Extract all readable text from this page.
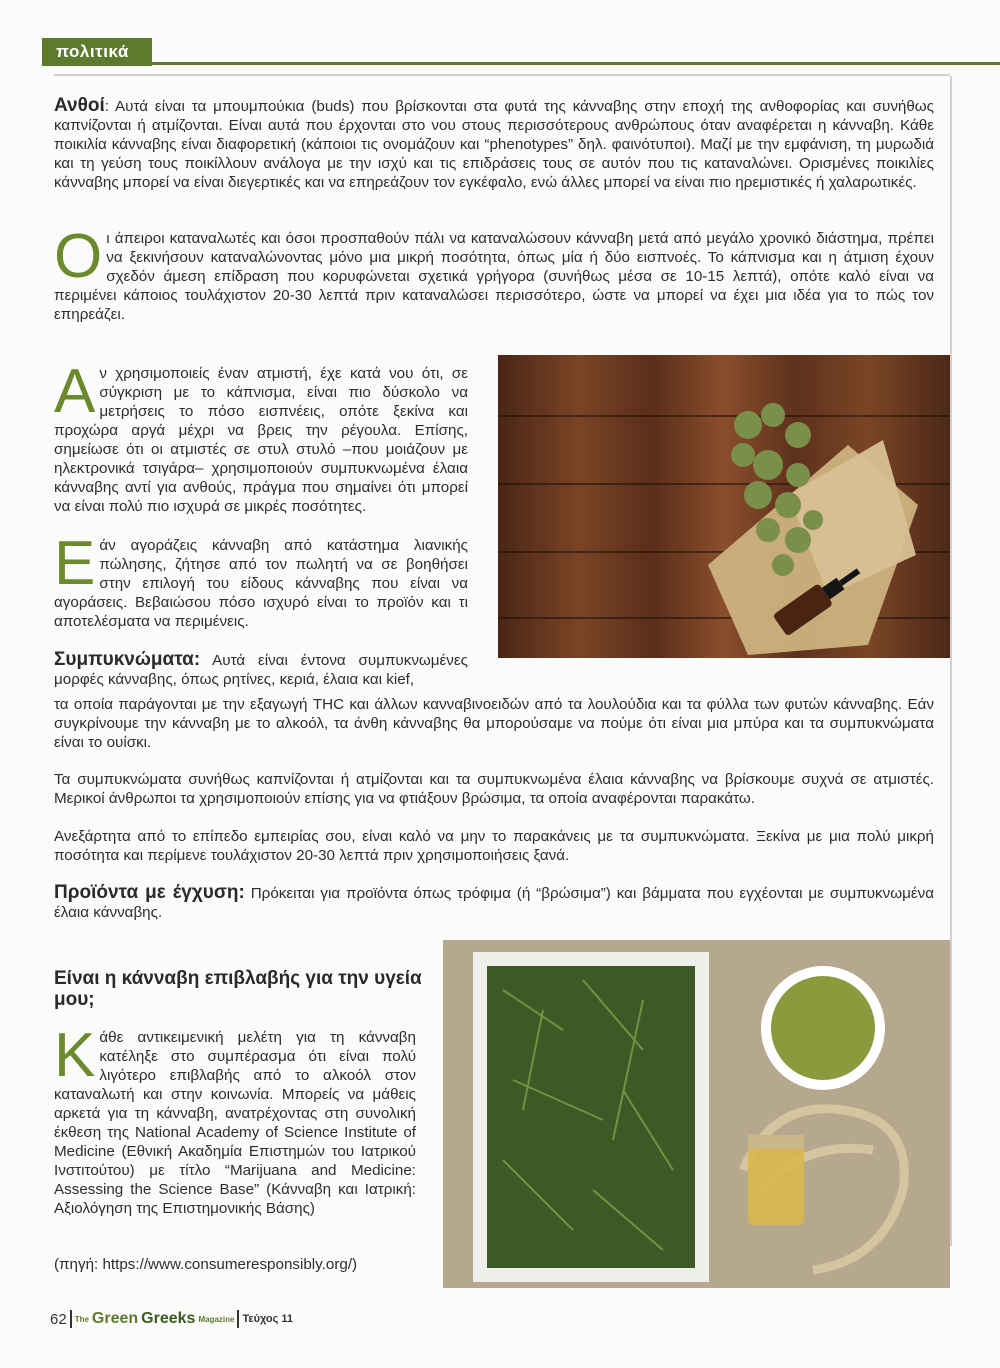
πολιτικά
Ανθοί: Αυτά είναι τα μπουμπούκια (buds) που βρίσκονται στα φυτά της κάνναβης στην εποχή της ανθοφορίας και συνήθως καπνίζονται ή ατμίζονται. Είναι αυτά που έρχονται στο νου στους περισσότερους ανθρώπους όταν αναφέρεται η κάνναβη. Κάθε ποικιλία κάνναβης είναι διαφορετική (κάποιοι τις ονομάζουν και “phenotypes” δηλ. φαινότυποι). Μαζί με την εμφάνιση, τη μυρωδιά και τη γεύση τους ποικίλλουν ανάλογα με την ισχύ και τις επιδράσεις τους σε αυτόν που τις καταναλώνει. Ορισμένες ποικιλίες κάνναβης μπορεί να είναι διεγερτικές και να επηρεάζουν τον εγκέφαλο, ενώ άλλες μπορεί να είναι πιο ηρεμιστικές ή χαλαρωτικές.
Οι άπειροι καταναλωτές και όσοι προσπαθούν πάλι να καταναλώσουν κάνναβη μετά από μεγάλο χρονικό διάστημα, πρέπει να ξεκινήσουν καταναλώνοντας μόνο μια μικρή ποσότητα, όπως μία ή δύο εισπνοές. Το κάπνισμα και η άτμιση έχουν σχεδόν άμεση επίδραση που κορυφώνεται σχετικά γρήγορα (συνήθως μέσα σε 10-15 λεπτά), οπότε καλό είναι να περιμένει κάποιος τουλάχιστον 20-30 λεπτά πριν καταναλώσει περισσότερο, ώστε να μπορεί να έχει μια ιδέα για το πώς τον επηρεάζει.
Αν χρησιμοποιείς έναν ατμιστή, έχε κατά νου ότι, σε σύγκριση με το κάπνισμα, είναι πιο δύσκολο να μετρήσεις το πόσο εισπνέεις, οπότε ξεκίνα και προχώρα αργά μέχρι να βρεις την ρέγουλα. Επίσης, σημείωσε ότι οι ατμιστές σε στυλ στυλό –που μοιάζουν με ηλεκτρονικά τσιγάρα– χρησιμοποιούν συμπυκνωμένα έλαια κάνναβης αντί για ανθούς, πράγμα που σημαίνει ότι μπορεί να είναι πολύ πιο ισχυρά σε μικρές ποσότητες.
Εάν αγοράζεις κάνναβη από κατάστημα λιανικής πώλησης, ζήτησε από τον πωλητή να σε βοηθήσει στην επιλογή του είδους κάνναβης που είναι να αγοράσεις. Βεβαιώσου πόσο ισχυρό είναι το προϊόν και τι αποτελέσματα να περιμένεις.
Συμπυκνώματα: Αυτά είναι έντονα συμπυκνωμένες μορφές κάνναβης, όπως ρητίνες, κεριά, έλαια και kief,
τα οποία παράγονται με την εξαγωγή THC και άλλων κανναβινοειδών από τα λουλούδια και τα φύλλα των φυτών κάνναβης. Εάν συγκρίνουμε την κάνναβη με το αλκοόλ, τα άνθη κάνναβης θα μπορούσαμε να πούμε ότι είναι μια μπύρα και τα συμπυκνώματα είναι το ουίσκι.
Τα συμπυκνώματα συνήθως καπνίζονται ή ατμίζονται και τα συμπυκνωμένα έλαια κάνναβης να βρίσκουμε συχνά σε ατμιστές. Μερικοί άνθρωποι τα χρησιμοποιούν επίσης για να φτιάξουν βρώσιμα, τα οποία αναφέρονται παρακάτω.
Ανεξάρτητα από το επίπεδο εμπειρίας σου, είναι καλό να μην το παρακάνεις με τα συμπυκνώματα. Ξεκίνα με μια πολύ μικρή ποσότητα και περίμενε τουλάχιστον 20-30 λεπτά πριν χρησιμοποιήσεις ξανά.
Προϊόντα με έγχυση: Πρόκειται για προϊόντα όπως τρόφιμα (ή “βρώσιμα”) και βάμματα που εγχέονται με συμπυκνωμένα έλαια κάνναβης.
Είναι η κάνναβη επιβλαβής για την υγεία μου;
Κάθε αντικειμενική μελέτη για τη κάνναβη κατέληξε στο συμπέρασμα ότι είναι πολύ λιγότερο επιβλαβής από το αλκοόλ στον καταναλωτή και στην κοινωνία. Μπορείς να μάθεις αρκετά για τη κάνναβη, ανατρέχοντας στη συνολική έκθεση της National Academy of Science Institute of Medicine (Εθνική Ακαδημία Επιστημών του Ιατρικού Ινστιτούτου) με τίτλο “Marijuana and Medicine: Assessing the Science Base” (Κάνναβη και Ιατρική: Αξιολόγηση της Επιστημονικής Βάσης)
(πηγή: https://www.consumeresponsibly.org/)
62 The Green Greeks Magazine Τεύχος 11
